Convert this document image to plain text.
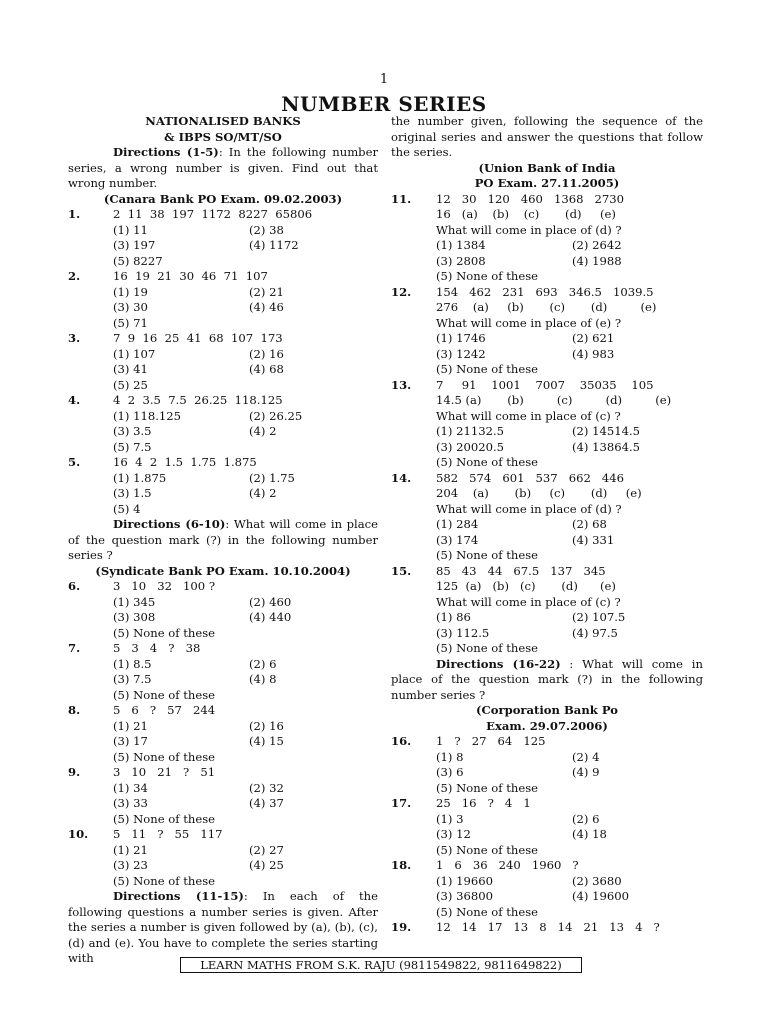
1
NUMBER SERIES
NATIONALISED BANKS
& IBPS SO/MT/SO
Directions (1-5): In the following number series, a wrong number is given. Find out that wrong number.
(Canara Bank PO Exam. 09.02.2003)
1.	2  11  38  197  1172  8227  65806
(1) 11	(2) 38
(3) 197	(4) 1172
(5) 8227
2.	16  19  21  30  46  71  107
(1) 19	(2) 21
(3) 30	(4) 46
(5) 71
3.	7  9  16  25  41  68  107  173
(1) 107	(2) 16
(3) 41	(4) 68
(5) 25
4.	4  2  3.5  7.5  26.25  118.125
(1) 118.125	(2) 26.25
(3) 3.5	(4) 2
(5) 7.5
5.	16  4  2  1.5  1.75  1.875
(1) 1.875	(2) 1.75
(3) 1.5	(4) 2
(5) 4
Directions (6-10): What will come in place of the question mark (?) in the following number series ?
(Syndicate Bank PO Exam. 10.10.2004)
6.	3   10   32   100 ?
(1) 345	(2) 460
(3) 308	(4) 440
(5) None of these
7.	5   3   4   ?   38
(1) 8.5	(2) 6
(3) 7.5	(4) 8
(5) None of these
8.	5   6   ?   57   244
(1) 21	(2) 16
(3) 17	(4) 15
(5) None of these
9.	3   10   21   ?   51
(1) 34	(2) 32
(3) 33	(4) 37
(5) None of these
10.	5   11   ?   55   117
(1) 21	(2) 27
(3) 23	(4) 25
(5) None of these
Directions (11-15): In each of the following questions a number series is given. After the series a number is given followed by (a), (b), (c), (d) and (e). You have to complete the series starting with
the number given, following the sequence of the original series and answer the questions that follow the series.
(Union Bank of India
PO Exam. 27.11.2005)
11.	12   30   120   460   1368   2730
16   (a)    (b)    (c)       (d)     (e)
What will come in place of (d) ?
(1) 1384	(2) 2642
(3) 2808	(4) 1988
(5) None of these
12.	154   462   231   693   346.5   1039.5
276    (a)     (b)       (c)       (d)         (e)
What will come in place of (e) ?
(1) 1746	(2) 621
(3) 1242	(4) 983
(5) None of these
13.	7     91    1001    7007    35035    105
14.5 (a)       (b)         (c)         (d)         (e)
What will come in place of (c) ?
(1) 21132.5	(2) 14514.5
(3) 20020.5	(4) 13864.5
(5) None of these
14.	582   574   601   537   662   446
204    (a)       (b)     (c)       (d)     (e)
What will come in place of (d) ?
(1) 284	(2) 68
(3) 174	(4) 331
(5) None of these
15.	85   43   44   67.5   137   345
125  (a)   (b)   (c)       (d)      (e)
What will come in place of (c) ?
(1) 86	(2) 107.5
(3) 112.5	(4) 97.5
(5) None of these
Directions (16-22) : What will come in place of the question mark (?) in the following number series ?
(Corporation Bank Po
Exam. 29.07.2006)
16.	1   ?   27   64   125
(1) 8	(2) 4
(3) 6	(4) 9
(5) None of these
17.	25   16   ?   4   1
(1) 3	(2) 6
(3) 12	(4) 18
(5) None of these
18.	1   6   36   240   1960   ?
(1) 19660	(2) 3680
(3) 36800	(4) 19600
(5) None of these
19.	12   14   17   13   8   14   21   13   4   ?
LEARN MATHS FROM S.K. RAJU (9811549822, 9811649822)
